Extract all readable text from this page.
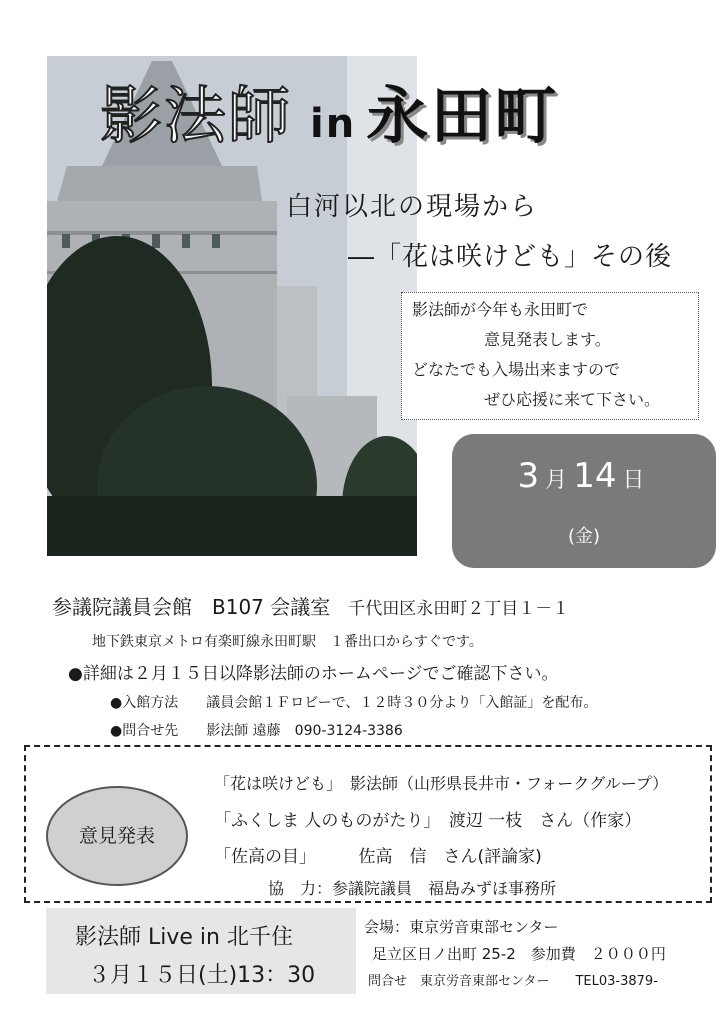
影法師 in 永田町
白河以北の現場から
―「花は咲けども」その後
影法師が今年も永田町で
意見発表します。
どなたでも入場出来ますので
ぜひ応援に来て下さい。
3 月 14 日
(金)
参議院議員会館　B107 会議室 千代田区永田町２丁目１－１
地下鉄東京メトロ有楽町線永田町駅　１番出口からすぐです。
●詳細は２月１５日以降影法師のホームページでご確認下さい。
●入館方法　　議員会館１Ｆロビーで、１２時３０分より「入館証」を配布。
●問合せ先　　影法師 遠藤　090-3124-3386
意見発表
「花は咲けども」　影法師（山形県長井市・フォークグループ）
「ふくしま 人のものがたり」　渡辺 一枝　さん（作家）
「佐高の目」　　　佐高　信　さん(評論家)
協　力：参議院議員　福島みずほ事務所
影法師 Live in 北千住
３月１５日(土)13：30
会場：東京労音東部センター
足立区日ノ出町 25-2　参加費　２０００円
問合せ　東京労音東部センター　　TEL03-3879-
